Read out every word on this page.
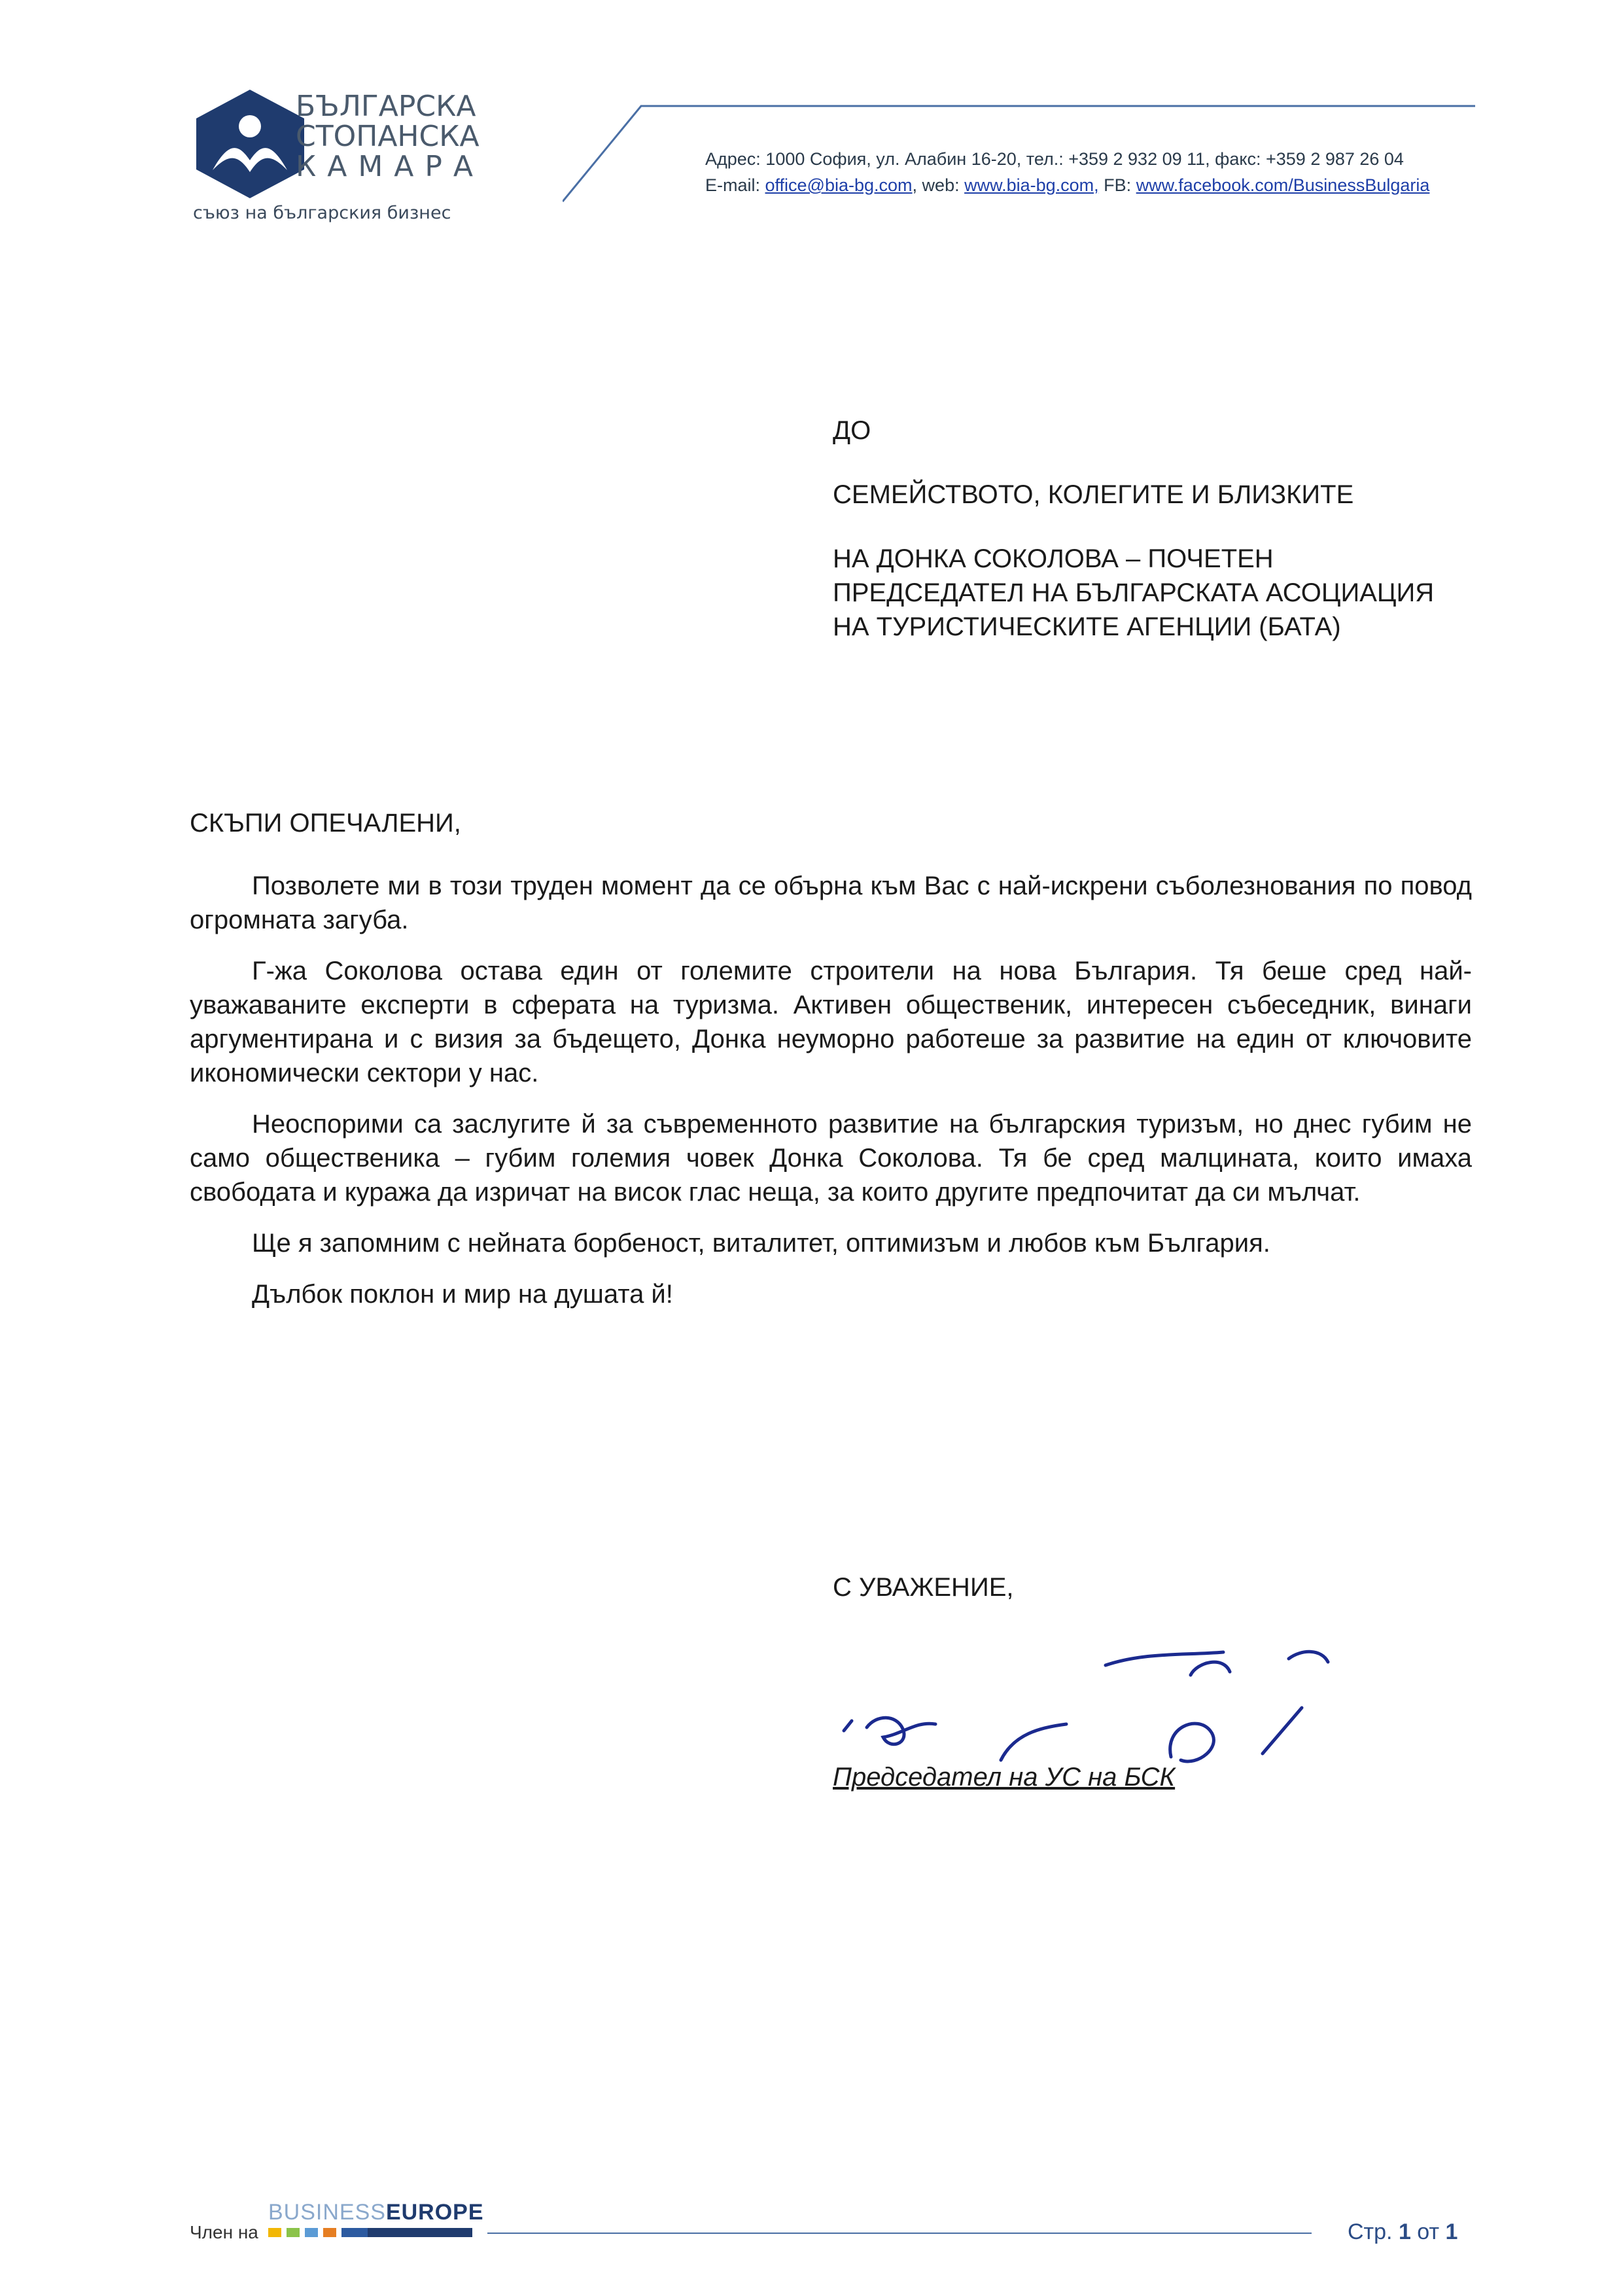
БЪЛГАРСКА
СТОПАНСКА
КАМАРА
съюз на българския бизнес
Адрес: 1000 София, ул. Алабин 16-20, тел.: +359 2 932 09 11, факс: +359 2 987 26 04
E-mail: office@bia-bg.com, web: www.bia-bg.com, FB: www.facebook.com/BusinessBulgaria
ДО
СЕМЕЙСТВОТО, КОЛЕГИТЕ И БЛИЗКИТЕ
НА ДОНКА СОКОЛОВА – ПОЧЕТЕН
ПРЕДСЕДАТЕЛ НА БЪЛГАРСКАТА АСОЦИАЦИЯ
НА ТУРИСТИЧЕСКИТЕ АГЕНЦИИ (БАТА)
СКЪПИ ОПЕЧАЛЕНИ,

Позволете ми в този труден момент да се обърна към Вас с най-искрени съболезнования по повод огромната загуба.

Г-жа Соколова остава един от големите строители на нова България. Тя беше сред най-уважаваните експерти в сферата на туризма. Активен общественик, интересен събеседник, винаги аргументирана и с визия за бъдещето, Донка неуморно работеше за развитие на един от ключовите икономически сектори у нас.

Неоспорими са заслугите й за съвременното развитие на българския туризъм, но днес губим не само общественика – губим големия човек Донка Соколова. Тя бе сред малцината, които имаха свободата и куража да изричат на висок глас неща, за които другите предпочитат да си мълчат.

Ще я запомним с нейната борбеност, виталитет, оптимизъм и любов към България.

Дълбок поклон и мир на душата й!

С УВАЖЕНИЕ,
Председател на УС на БСК
Член на
BUSINESSEUROPE
Стр. 1 от 1
